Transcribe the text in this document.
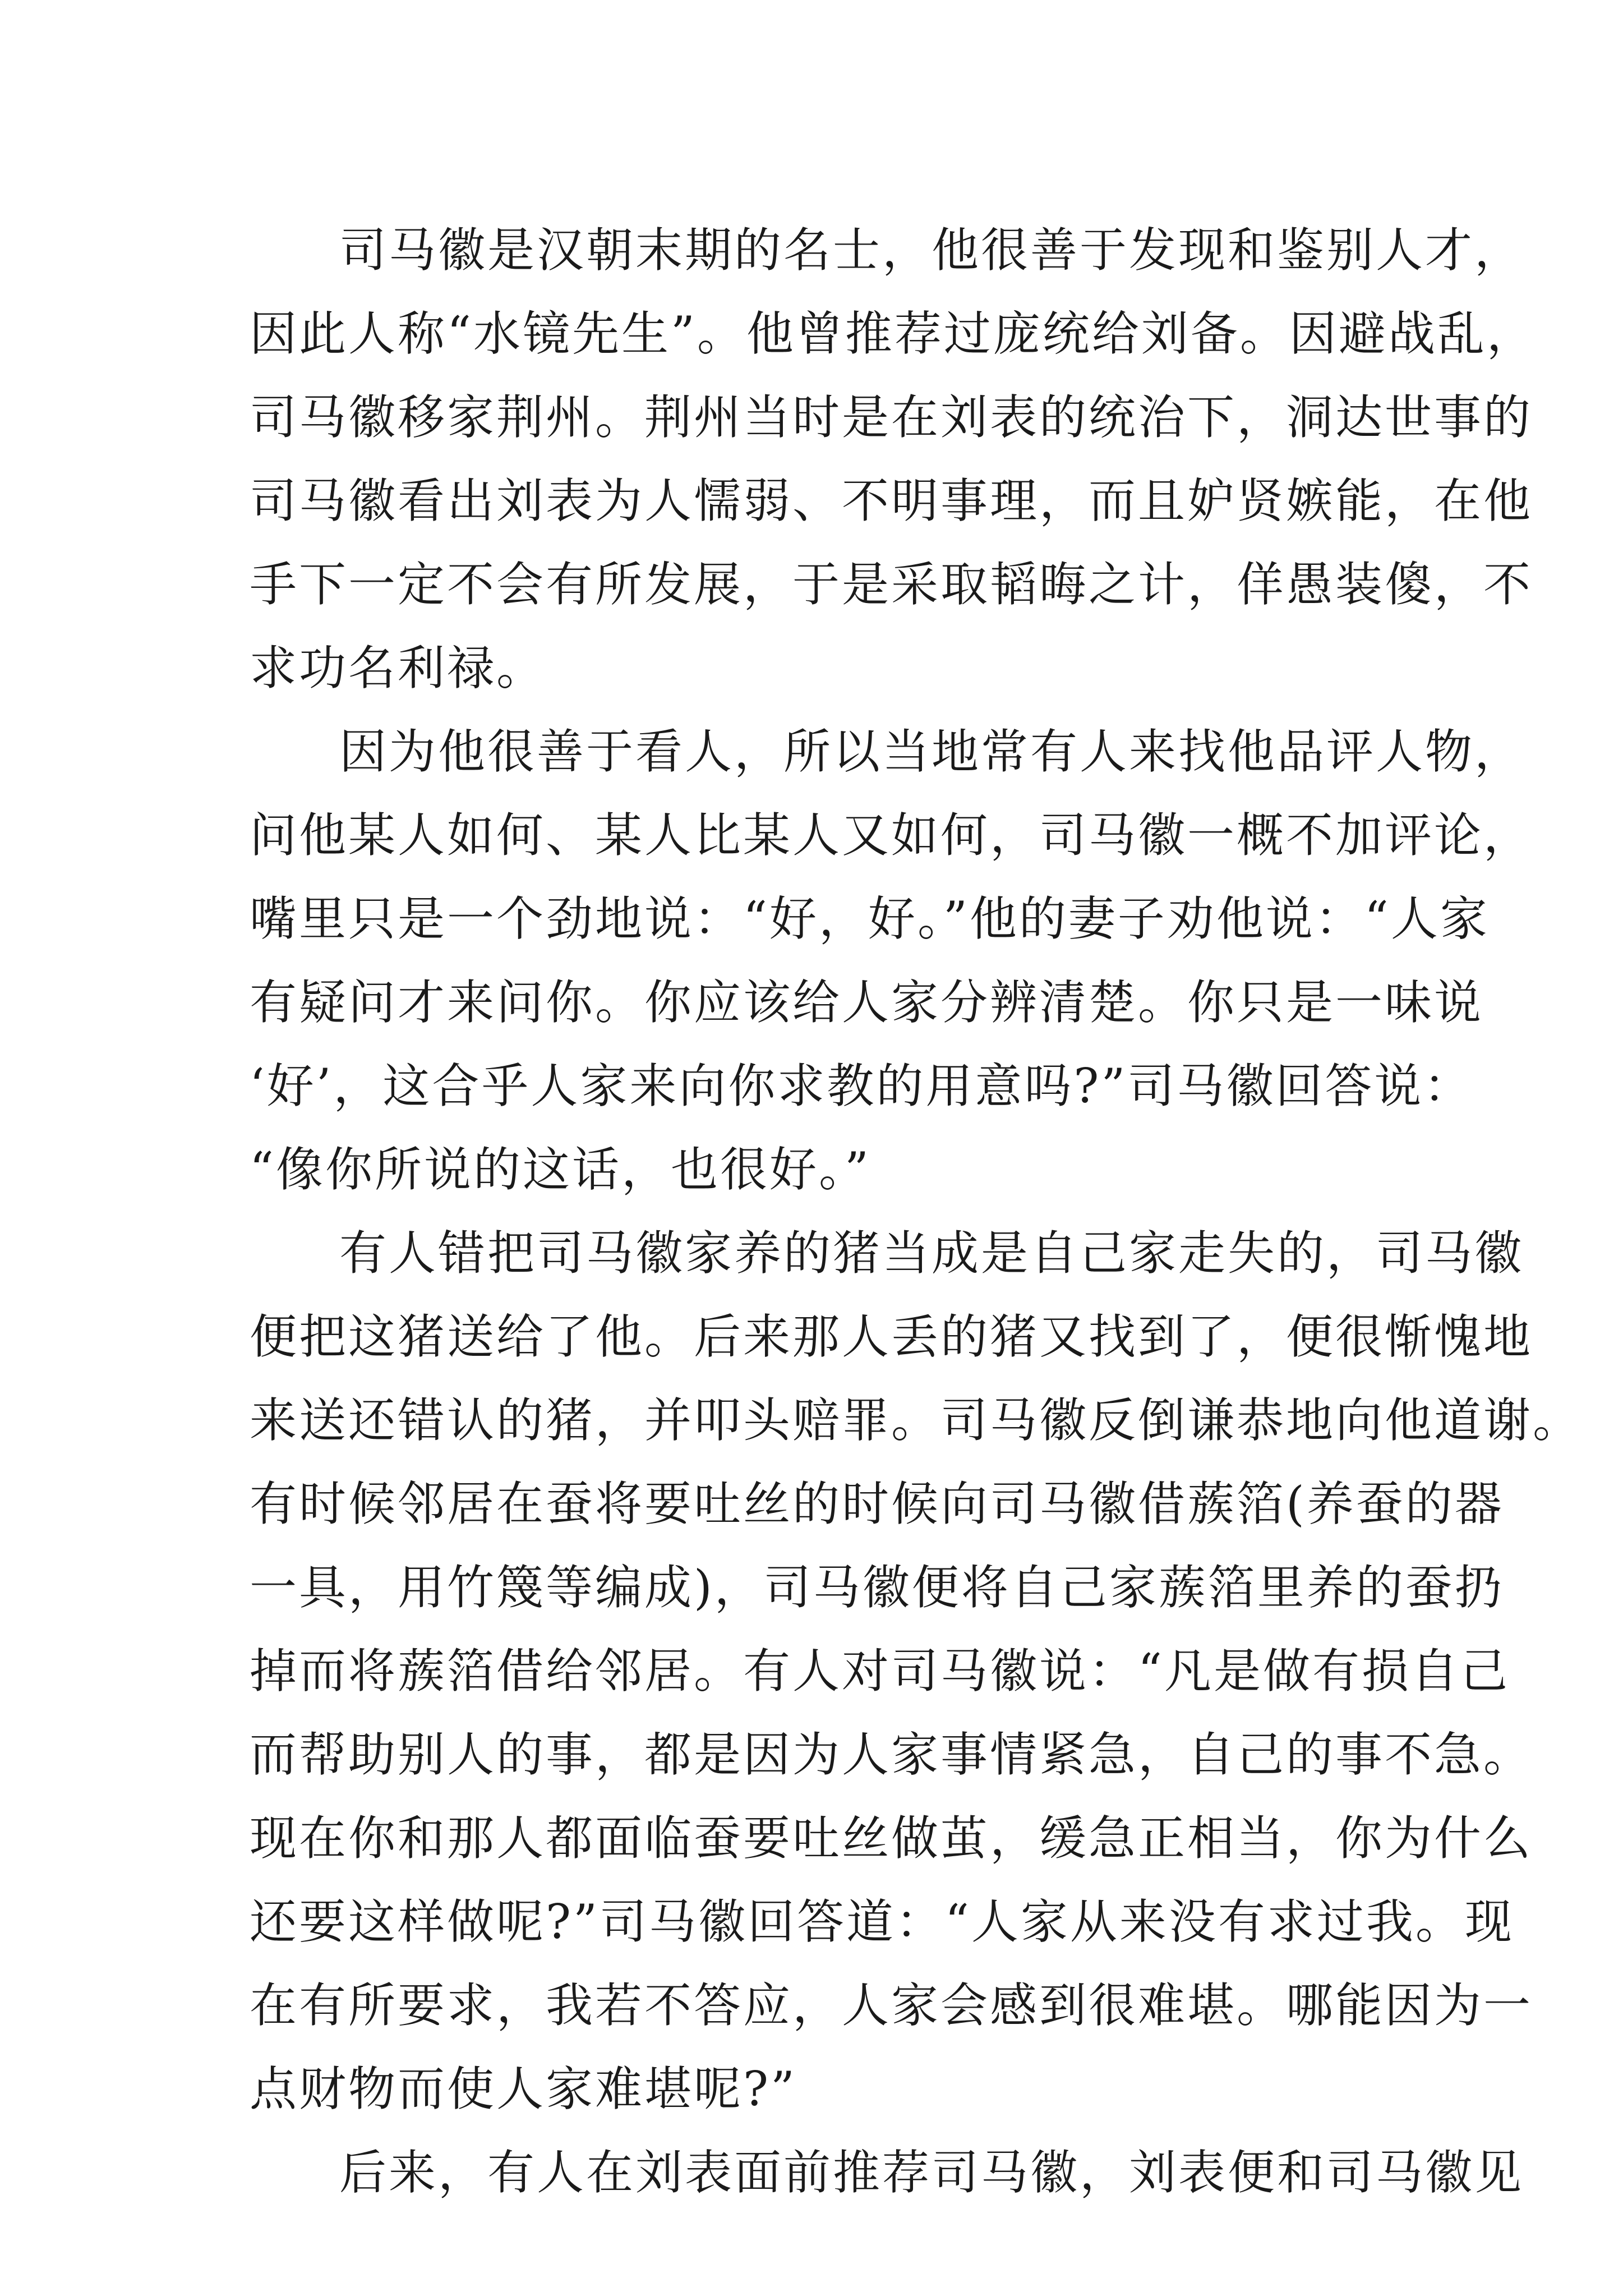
司马徽是汉朝末期的名士，他很善于发现和鉴别人才，
因此人称“水镜先生”。他曾推荐过庞统给刘备。因避战乱，
司马徽移家荆州。荆州当时是在刘表的统治下，洞达世事的
司马徽看出刘表为人懦弱、不明事理，而且妒贤嫉能，在他
手下一定不会有所发展，于是采取韬晦之计，佯愚装傻，不
求功名利禄。
因为他很善于看人，所以当地常有人来找他品评人物，
问他某人如何、某人比某人又如何，司马徽一概不加评论，
嘴里只是一个劲地说：“好，好。”他的妻子劝他说：“人家
有疑问才来问你。你应该给人家分辨清楚。你只是一味说
‘好’，这合乎人家来向你求教的用意吗?”司马徽回答说：
“像你所说的这话，也很好。”
有人错把司马徽家养的猪当成是自己家走失的，司马徽
便把这猪送给了他。后来那人丢的猪又找到了，便很惭愧地
来送还错认的猪，并叩头赔罪。司马徽反倒谦恭地向他道谢。
有时候邻居在蚕将要吐丝的时候向司马徽借蔟箔(养蚕的器
一具，用竹篾等编成)，司马徽便将自己家蔟箔里养的蚕扔
掉而将蔟箔借给邻居。有人对司马徽说：“凡是做有损自己
而帮助别人的事，都是因为人家事情紧急，自己的事不急。
现在你和那人都面临蚕要吐丝做茧，缓急正相当，你为什么
还要这样做呢?”司马徽回答道：“人家从来没有求过我。现
在有所要求，我若不答应，人家会感到很难堪。哪能因为一
点财物而使人家难堪呢?”
后来，有人在刘表面前推荐司马徽，刘表便和司马徽见
